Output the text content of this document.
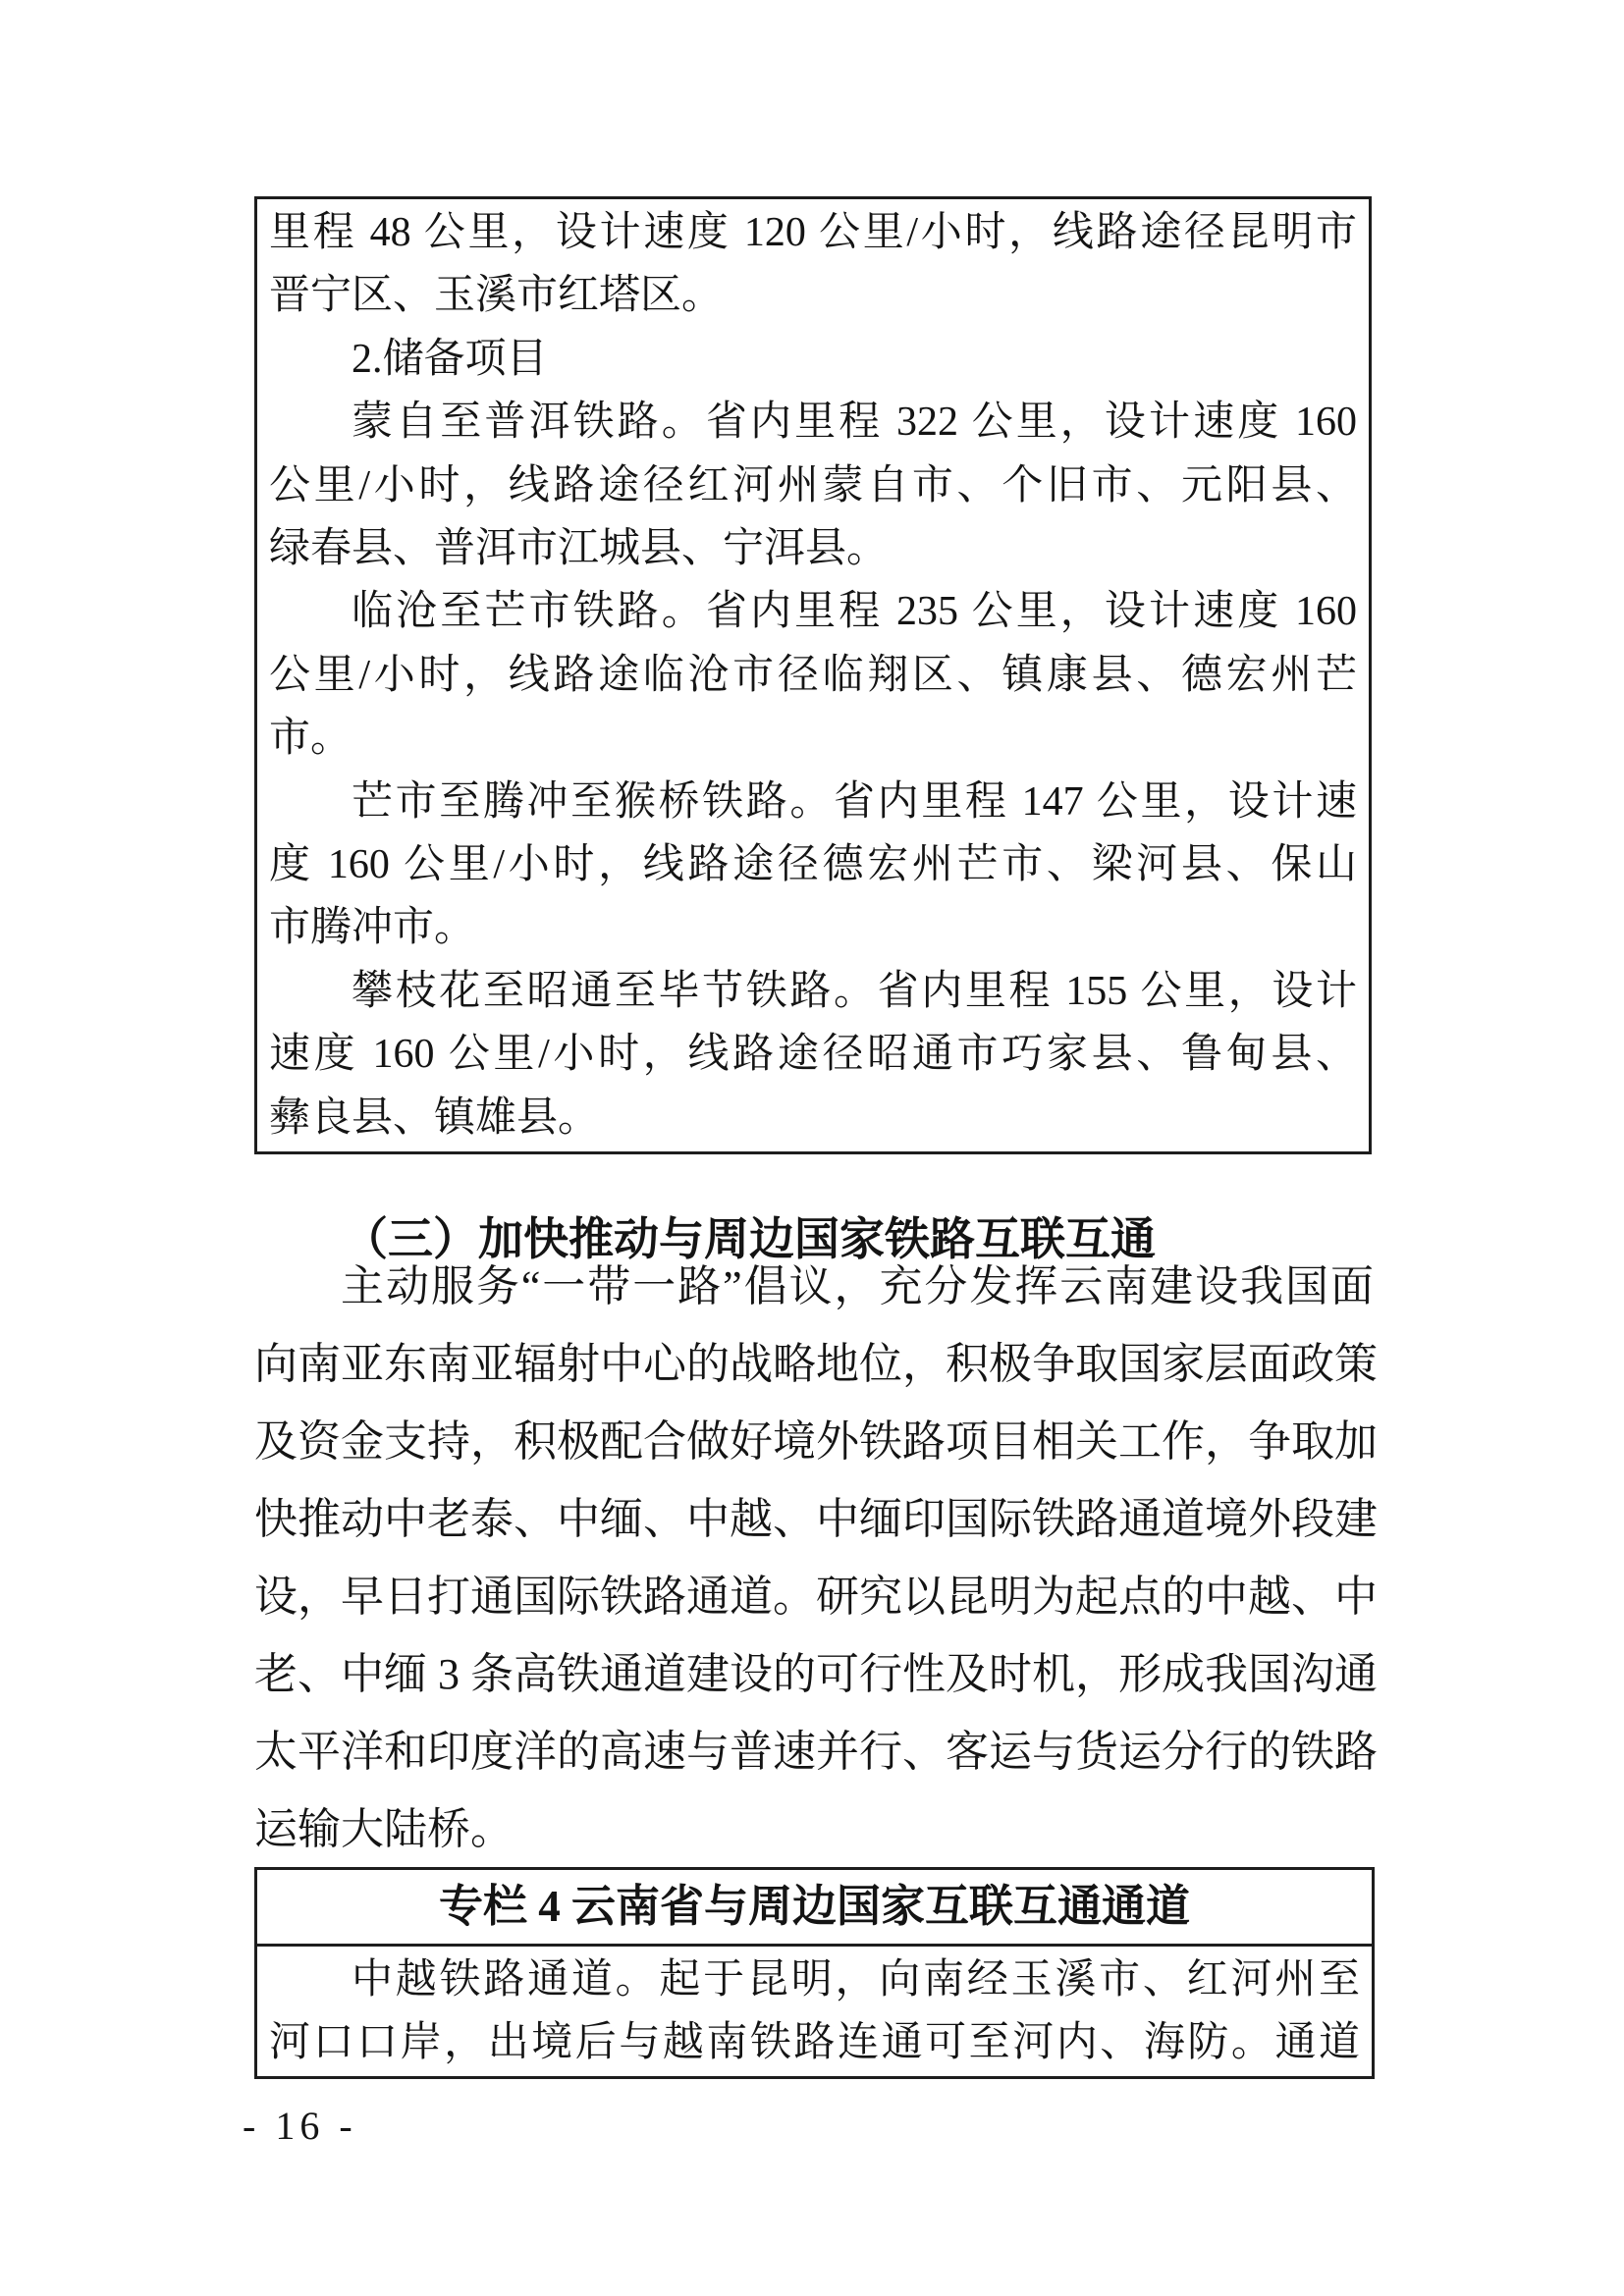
里程 48 公里，设计速度 120 公里/小时，线路途径昆明市
晋宁区、玉溪市红塔区。
2.储备项目
蒙自至普洱铁路。省内里程 322 公里，设计速度 160
公里/小时，线路途径红河州蒙自市、个旧市、元阳县、
绿春县、普洱市江城县、宁洱县。
临沧至芒市铁路。省内里程 235 公里，设计速度 160
公里/小时，线路途临沧市径临翔区、镇康县、德宏州芒
市。
芒市至腾冲至猴桥铁路。省内里程 147 公里，设计速
度 160 公里/小时，线路途径德宏州芒市、梁河县、保山
市腾冲市。
攀枝花至昭通至毕节铁路。省内里程 155 公里，设计
速度 160 公里/小时，线路途径昭通市巧家县、鲁甸县、
彝良县、镇雄县。
（三）加快推动与周边国家铁路互联互通
主动服务“一带一路”倡议，充分发挥云南建设我国面
向南亚东南亚辐射中心的战略地位，积极争取国家层面政策
及资金支持，积极配合做好境外铁路项目相关工作，争取加
快推动中老泰、中缅、中越、中缅印国际铁路通道境外段建
设，早日打通国际铁路通道。研究以昆明为起点的中越、中
老、中缅 3 条高铁通道建设的可行性及时机，形成我国沟通
太平洋和印度洋的高速与普速并行、客运与货运分行的铁路
运输大陆桥。
专栏 4 云南省与周边国家互联互通通道
中越铁路通道。起于昆明，向南经玉溪市、红河州至
河口口岸，出境后与越南铁路连通可至河内、海防。通道
- 16 -
